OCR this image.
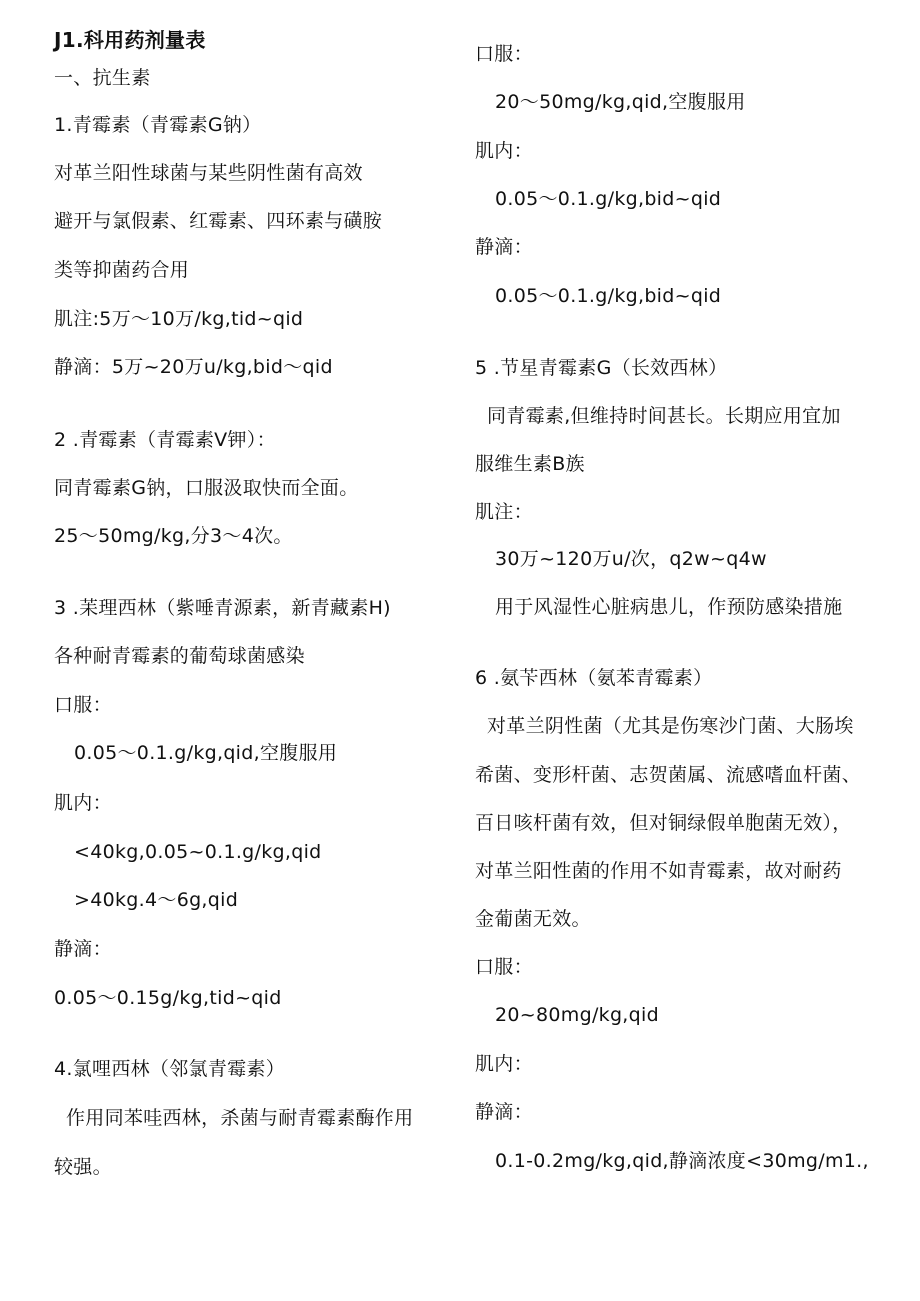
J1.科用药剂量表
一、抗生素
1.青霉素（青霉素G钠）
对革兰阳性球菌与某些阴性菌有高效
避开与氯假素、红霉素、四环素与磺胺
类等抑菌药合用
肌注:5万～10万/kg,tid~qid
静滴：5万~20万u/kg,bid～qid
2 .青霉素（青霉素V钾）：
同青霉素G钠，口服汲取快而全面。
25～50mg/kg,分3～4次。
3 .苿理西林（紫唾青源素，新青藏素H)
各种耐青霉素的葡萄球菌感染
口服：
0.05～0.1.g/kg,qid,空腹服用
肌内：
<40kg,0.05~0.1.g/kg,qid
>40kg.4～6g,qid
静滴：
0.05～0.15g/kg,tid~qid
4.氯哩西林（邻氯青霉素）
作用同苯哇西林，杀菌与耐青霉素酶作用
较强。
口服：
20～50mg/kg,qid,空腹服用
肌内：
0.05～0.1.g/kg,bid~qid
静滴：
0.05～0.1.g/kg,bid~qid
5 .节星青霉素G（长效西林）
同青霉素,但维持时间甚长。长期应用宜加
服维生素B族
肌注：
30万~120万u/次，q2w~q4w
用于风湿性心脏病患儿，作预防感染措施
6 .氨苄西林（氨苯青霉素）
对革兰阴性菌（尤其是伤寒沙门菌、大肠埃
希菌、变形杆菌、志贺菌属、流感嗜血杆菌、
百日咳杆菌有效，但对铜绿假单胞菌无效），
对革兰阳性菌的作用不如青霉素，故对耐药
金葡菌无效。
口服：
20~80mg/kg,qid
肌内：
静滴：
0.1-0.2mg/kg,qid,静滴浓度<30mg/m1.,
